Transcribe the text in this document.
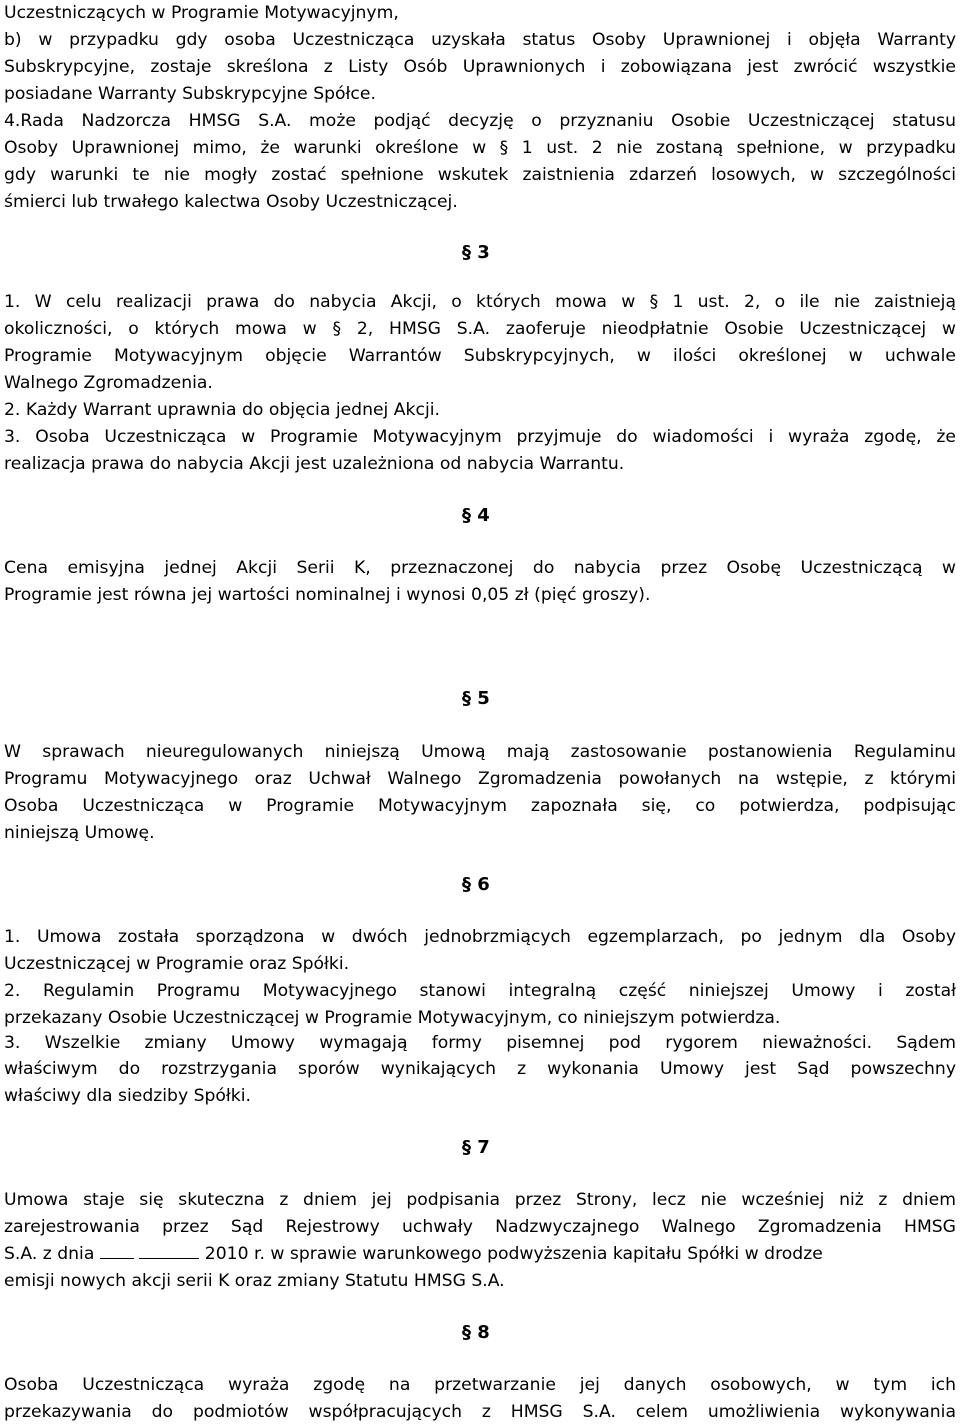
Uczestniczących w Programie Motywacyjnym,
b) w przypadku gdy osoba Uczestnicząca uzyskała status Osoby Uprawnionej i objęła Warranty
Subskrypcyjne, zostaje skreślona z Listy Osób Uprawnionych i zobowiązana jest zwrócić wszystkie
posiadane Warranty Subskrypcyjne Spółce.
4.Rada Nadzorcza HMSG S.A. może podjąć decyzję o przyznaniu Osobie Uczestniczącej statusu
Osoby Uprawnionej mimo, że warunki określone w § 1 ust. 2 nie zostaną spełnione, w przypadku
gdy warunki te nie mogły zostać spełnione wskutek zaistnienia zdarzeń losowych, w szczególności
śmierci lub trwałego kalectwa Osoby Uczestniczącej.
§ 3
1. W celu realizacji prawa do nabycia Akcji, o których mowa w § 1 ust. 2, o ile nie zaistnieją
okoliczności, o których mowa w § 2, HMSG S.A. zaoferuje nieodpłatnie Osobie Uczestniczącej w
Programie Motywacyjnym objęcie Warrantów Subskrypcyjnych, w ilości określonej w uchwale
Walnego Zgromadzenia.
2. Każdy Warrant uprawnia do objęcia jednej Akcji.
3. Osoba Uczestnicząca w Programie Motywacyjnym przyjmuje do wiadomości i wyraża zgodę, że
realizacja prawa do nabycia Akcji jest uzależniona od nabycia Warrantu.
§ 4
Cena emisyjna jednej Akcji Serii K, przeznaczonej do nabycia przez Osobę Uczestniczącą w
Programie jest równa jej wartości nominalnej i wynosi 0,05 zł (pięć groszy).
§ 5
W sprawach nieuregulowanych niniejszą Umową mają zastosowanie postanowienia Regulaminu
Programu Motywacyjnego oraz Uchwał Walnego Zgromadzenia powołanych na wstępie, z którymi
Osoba Uczestnicząca w Programie Motywacyjnym zapoznała się, co potwierdza, podpisując
niniejszą Umowę.
§ 6
1. Umowa została sporządzona w dwóch jednobrzmiących egzemplarzach, po jednym dla Osoby
Uczestniczącej w Programie oraz Spółki.
2. Regulamin Programu Motywacyjnego stanowi integralną część niniejszej Umowy i został
przekazany Osobie Uczestniczącej w Programie Motywacyjnym, co niniejszym potwierdza.
3. Wszelkie zmiany Umowy wymagają formy pisemnej pod rygorem nieważności. Sądem
właściwym do rozstrzygania sporów wynikających z wykonania Umowy jest Sąd powszechny
właściwy dla siedziby Spółki.
§ 7
Umowa staje się skuteczna z dniem jej podpisania przez Strony, lecz nie wcześniej niż z dniem
zarejestrowania przez Sąd Rejestrowy uchwały Nadzwyczajnego Walnego Zgromadzenia HMSG
S.A. z dnia	2010 r. w sprawie warunkowego podwyższenia kapitału Spółki w drodze
emisji nowych akcji serii K oraz zmiany Statutu HMSG S.A.
§ 8
Osoba Uczestnicząca wyraża zgodę na przetwarzanie jej danych osobowych, w tym ich
przekazywania do podmiotów współpracujących z HMSG S.A. celem umożliwienia wykonywania
